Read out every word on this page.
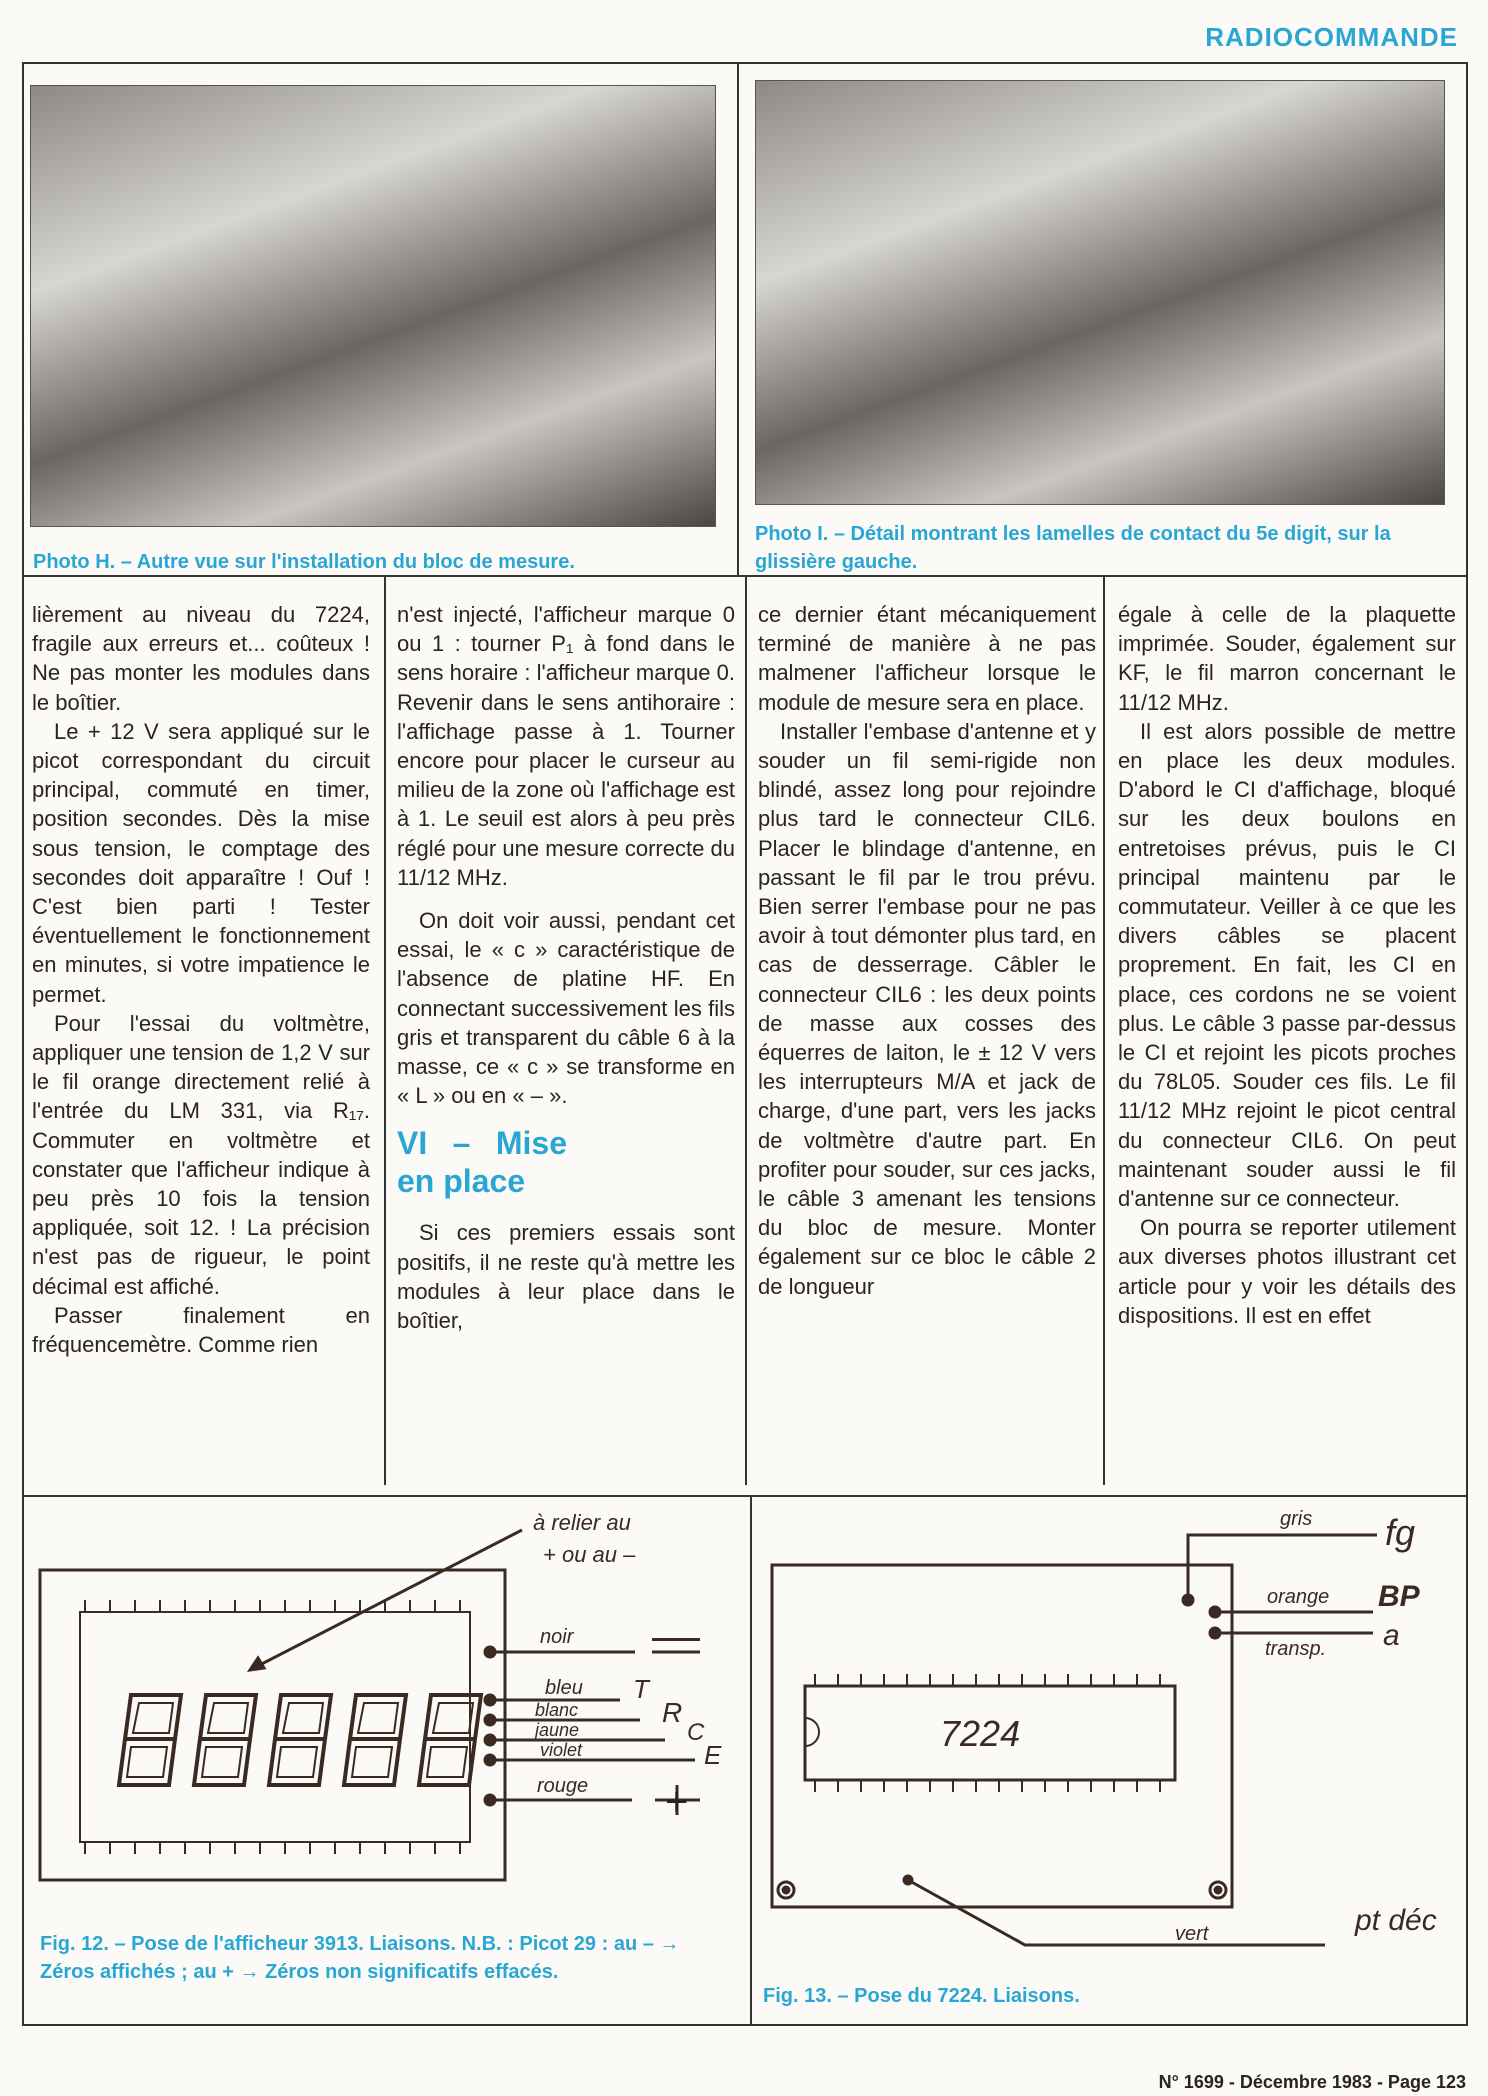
RADIOCOMMANDE
Photo H. – Autre vue sur l'installation du bloc de mesure.
Photo I. – Détail montrant les lamelles de contact du 5e digit, sur la glissière gauche.

lièrement au niveau du 7224, fragile aux erreurs et... coûteux ! Ne pas monter les modules dans le boîtier.

Le + 12 V sera appliqué sur le picot correspondant du circuit principal, commuté en timer, position secondes. Dès la mise sous tension, le comptage des secondes doit apparaître ! Ouf ! C'est bien parti ! Tester éventuellement le fonctionnement en minutes, si votre impatience le permet.

Pour l'essai du voltmètre, appliquer une tension de 1,2 V sur le fil orange directement relié à l'entrée du LM 331, via R₁₇. Commuter en voltmètre et constater que l'afficheur indique à peu près 10 fois la tension appliquée, soit 12. ! La précision n'est pas de rigueur, le point décimal est affiché.

Passer finalement en fréquencemètre. Comme rien

n'est injecté, l'afficheur marque 0 ou 1 : tourner P₁ à fond dans le sens horaire : l'afficheur marque 0. Revenir dans le sens antihoraire : l'affichage passe à 1. Tourner encore pour placer le curseur au milieu de la zone où l'affichage est à 1. Le seuil est alors à peu près réglé pour une mesure correcte du 11/12 MHz.

On doit voir aussi, pendant cet essai, le « c » caractéristique de l'absence de platine HF. En connectant successivement les fils gris et transparent du câble 6 à la masse, ce « c » se transforme en « L » ou en « – ».

VI – Mise en place

Si ces premiers essais sont positifs, il ne reste qu'à mettre les modules à leur place dans le boîtier,

ce dernier étant mécaniquement terminé de manière à ne pas malmener l'afficheur lorsque le module de mesure sera en place.

Installer l'embase d'antenne et y souder un fil semi-rigide non blindé, assez long pour rejoindre plus tard le connecteur CIL6. Placer le blindage d'antenne, en passant le fil par le trou prévu. Bien serrer l'embase pour ne pas avoir à tout démonter plus tard, en cas de desserrage. Câbler le connecteur CIL6 : les deux points de masse aux cosses des équerres de laiton, le ± 12 V vers les interrupteurs M/A et jack de charge, d'une part, vers les jacks de voltmètre d'autre part. En profiter pour souder, sur ces jacks, le câble 3 amenant les tensions du bloc de mesure. Monter également sur ce bloc le câble 2 de longueur

égale à celle de la plaquette imprimée. Souder, également sur KF, le fil marron concernant le 11/12 MHz.

Il est alors possible de mettre en place les deux modules. D'abord le CI d'affichage, bloqué sur les deux boulons en entretoises prévus, puis le CI principal maintenu par le commutateur. Veiller à ce que les divers câbles se placent proprement. En fait, les CI en place, ces cordons ne se voient plus. Le câble 3 passe par-dessus le CI et rejoint les picots proches du 78L05. Souder ces fils. Le fil 11/12 MHz rejoint le picot central du connecteur CIL6. On peut maintenant souder aussi le fil d'antenne sur ce connecteur.

On pourra se reporter utilement aux diverses photos illustrant cet article pour y voir les détails des dispositions. Il est en effet

à relier au
+ ou au –
noir
bleu
blanc
jaune
violet
rouge
T
R
C
E
7224
gris
orange
transp.
vert
fg
BP
a
pt déc
+
Fig. 12. – Pose de l'afficheur 3913. Liaisons. N.B. : Picot 29 : au – → Zéros affichés ; au + → Zéros non significatifs effacés.
Fig. 13. – Pose du 7224. Liaisons.
N° 1699 - Décembre 1983 - Page 123
